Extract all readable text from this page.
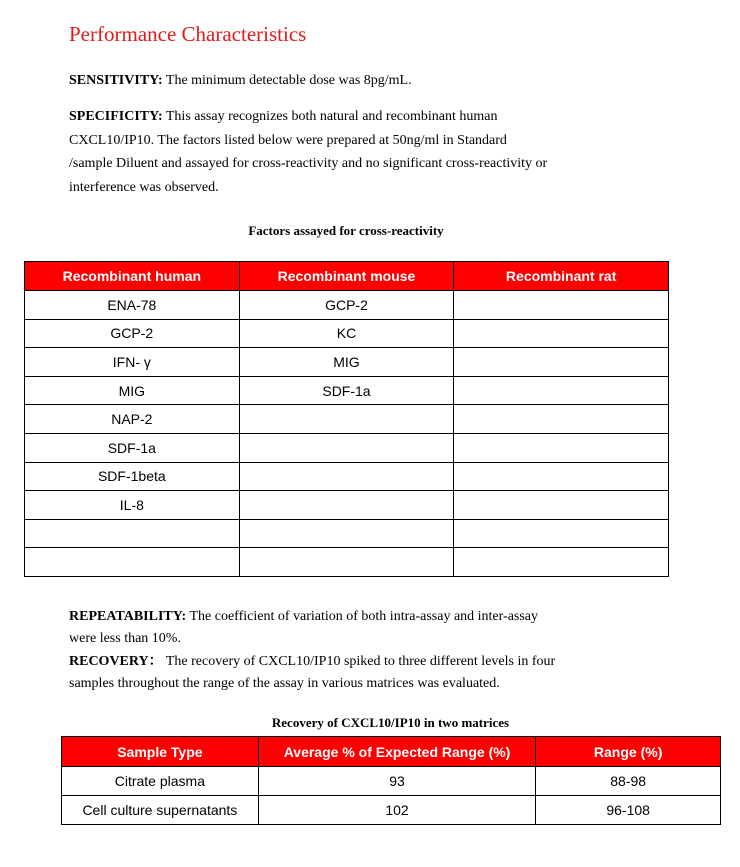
Performance Characteristics
SENSITIVITY: The minimum detectable dose was 8pg/mL.
SPECIFICITY: This assay recognizes both natural and recombinant human
CXCL10/IP10. The factors listed below were prepared at 50ng/ml in Standard
/sample Diluent and assayed for cross-reactivity and no significant cross-reactivity or
interference was observed.
Factors assayed for cross-reactivity
Recombinant human	Recombinant mouse	Recombinant rat
ENA-78	GCP-2	
GCP-2	KC	
IFN- γ	MIG	
MIG	SDF-1a	
NAP-2		
SDF-1a		
SDF-1beta		
IL-8		

REPEATABILITY: The coefficient of variation of both intra-assay and inter-assay
were less than 10%.
RECOVERY： The recovery of CXCL10/IP10 spiked to three different levels in four
samples throughout the range of the assay in various matrices was evaluated.
Recovery of CXCL10/IP10 in two matrices
Sample Type	Average % of Expected Range (%)	Range (%)
Citrate plasma	93	88-98
Cell culture supernatants	102	96-108
